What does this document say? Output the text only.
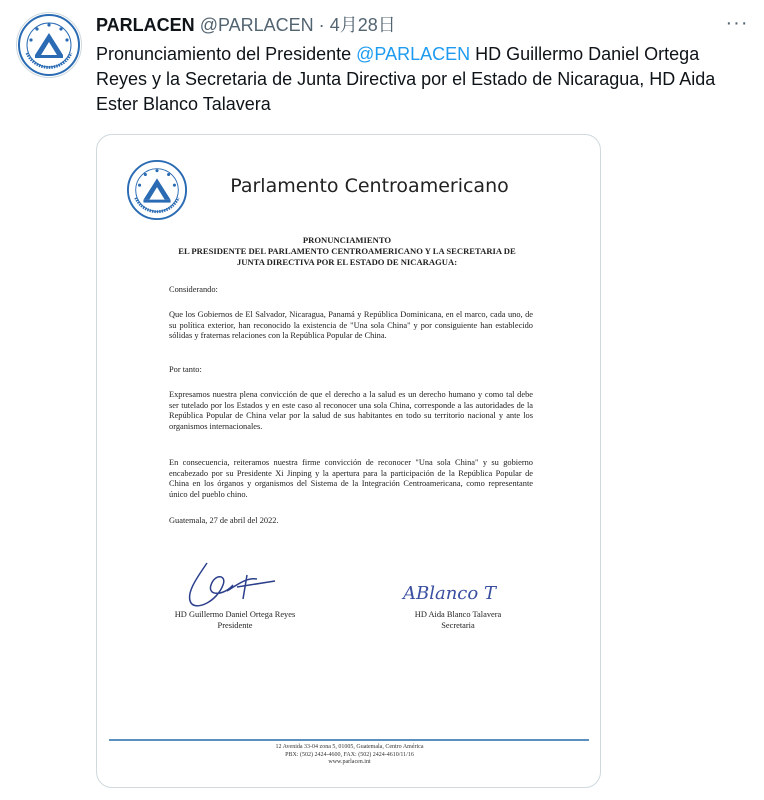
PARLACEN @PARLACEN · 4月28日	···
Pronunciamiento del Presidente @PARLACEN HD Guillermo Daniel Ortega Reyes y la Secretaria de Junta Directiva por el Estado de Nicaragua, HD Aida Ester Blanco Talavera
Parlamento Centroamericano
PRONUNCIAMIENTO
EL PRESIDENTE DEL PARLAMENTO CENTROAMERICANO Y LA SECRETARIA DE
JUNTA DIRECTIVA POR EL ESTADO DE NICARAGUA:
Considerando:
Que los Gobiernos de El Salvador, Nicaragua, Panamá y República Dominicana, en el marco, cada uno, de su política exterior, han reconocido la existencia de "Una sola China" y por consiguiente han establecido sólidas y fraternas relaciones con la República Popular de China.
Por tanto:
Expresamos nuestra plena convicción de que el derecho a la salud es un derecho humano y como tal debe ser tutelado por los Estados y en este caso al reconocer una sola China, corresponde a las autoridades de la República Popular de China velar por la salud de sus habitantes en todo su territorio nacional y ante los organismos internacionales.
En consecuencia, reiteramos nuestra firme convicción de reconocer "Una sola China" y su gobierno encabezado por su Presidente Xi Jinping y la apertura para la participación de la República Popular de China en los órganos y organismos del Sistema de la Integración Centroamericana, como representante único del pueblo chino.
Guatemala, 27 de abril del 2022.
HD Guillermo Daniel Ortega Reyes
Presidente
ABlanco T
HD Aida Blanco Talavera
Secretaria
12 Avenida 33-04 zona 5, 01005, Guatemala, Centro América
PBX: (502) 2424-4600, FAX: (502) 2424-4610/11/16
www.parlacen.int
